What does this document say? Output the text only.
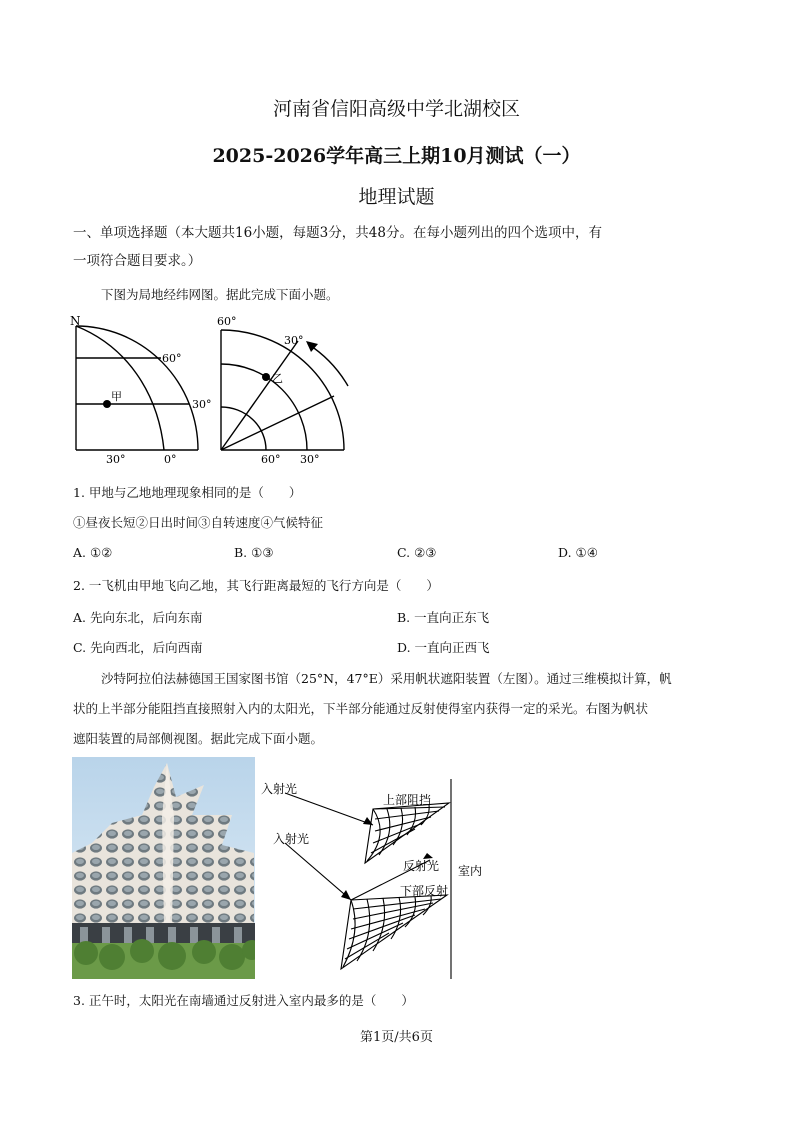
河南省信阳高级中学北湖校区
2025-2026学年高三上期10月测试（一）
地理试题
一、单项选择题（本大题共16小题，每题3分，共48分。在每小题列出的四个选项中，有
一项符合题目要求。）
下图为局地经纬网图。据此完成下面小题。
N
60°
甲
30°
30°	0°
60°
30°
乙
60° 30°
1. 甲地与乙地地理现象相同的是（　　）
①昼夜长短②日出时间③自转速度④气候特征
A. ①②	B. ①③	C. ②③	D. ①④
2. 一飞机由甲地飞向乙地，其飞行距离最短的飞行方向是（　　）
A. 先向东北，后向东南	B. 一直向正东飞
C. 先向西北，后向西南	D. 一直向正西飞
沙特阿拉伯法赫德国王国家图书馆（25°N，47°E）采用帆状遮阳装置（左图）。通过三维模拟计算，帆
状的上半部分能阻挡直接照射入内的太阳光，下半部分能通过反射使得室内获得一定的采光。右图为帆状
遮阳装置的局部侧视图。据此完成下面小题。
入射光
上部阻挡
入射光
反射光 室内
下部反射
3. 正午时，太阳光在南墙通过反射进入室内最多的是（　　）
第1页/共6页
